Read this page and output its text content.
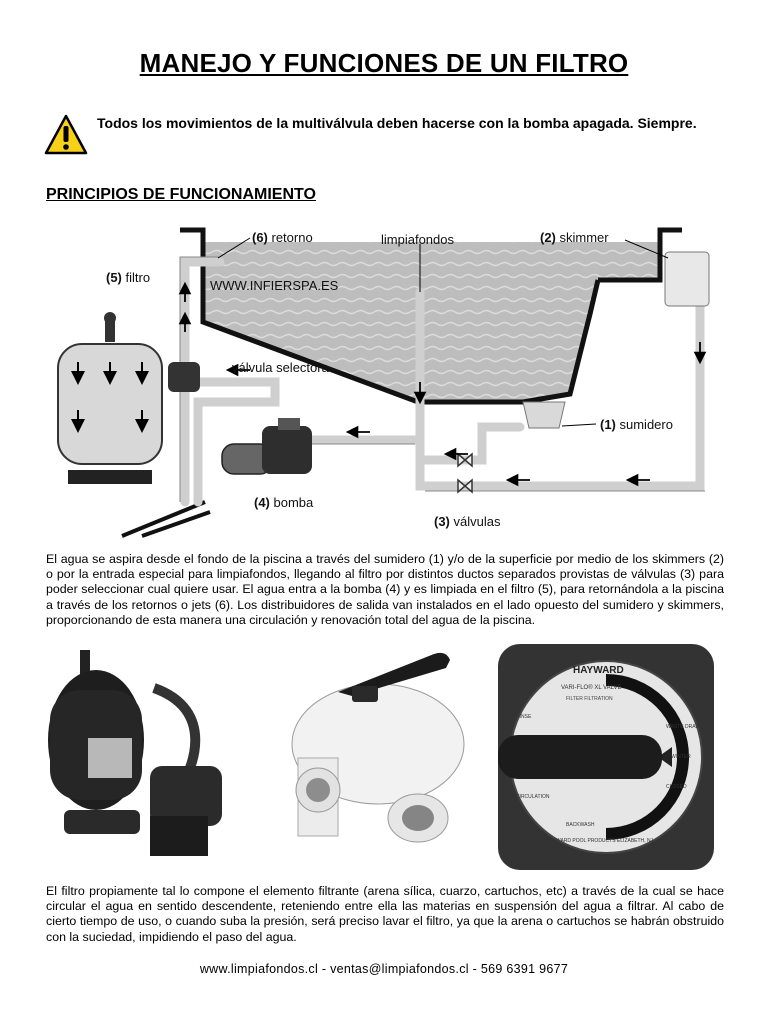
MANEJO Y FUNCIONES DE UN FILTRO
Todos los movimientos de la multiválvula deben hacerse con la bomba apagada. Siempre.
PRINCIPIOS DE FUNCIONAMIENTO
WWW.INFIERSPA.ES
(5) filtro
(6) retorno	limpiafondos	(2) skimmer
válvula selectora
(1) sumidero
(4) bomba
(3) válvulas
El agua se aspira desde el fondo de la piscina a través del sumidero (1) y/o de la superficie por medio de los skimmers (2) o por la entrada especial para limpiafondos, llegando al filtro por distintos ductos separados provistas de válvulas (3) para poder seleccionar cual quiere usar. El agua entra a la bomba (4) y es limpiada en el filtro (5), para retornándola a la piscina a través de los retornos o jets (6). Los distribuidores de salida van instalados en el lado opuesto del sumidero y skimmers, proporcionando de esta manera una circulación y renovación total del agua de la piscina.
HAYWARD
VARI-FLO® XL VALVE
FILTER FILTRATION
WASTE DRAIN
WINTER
CLOSED
RINSE
RECIRCULATION
BACKWASH
HAYWARD POOL PRODUCTS ELIZABETH, NJ
El filtro propiamente tal lo compone el elemento filtrante (arena sílica, cuarzo, cartuchos, etc) a través de la cual se hace circular el agua en sentido descendente, reteniendo entre ella las materias en suspensión del agua a filtrar. Al cabo de cierto tiempo de uso, o cuando suba la presión, será preciso lavar el filtro, ya que la arena o cartuchos se habrán obstruido con la suciedad, impidiendo el paso del agua.
www.limpiafondos.cl - ventas@limpiafondos.cl - 569 6391 9677
